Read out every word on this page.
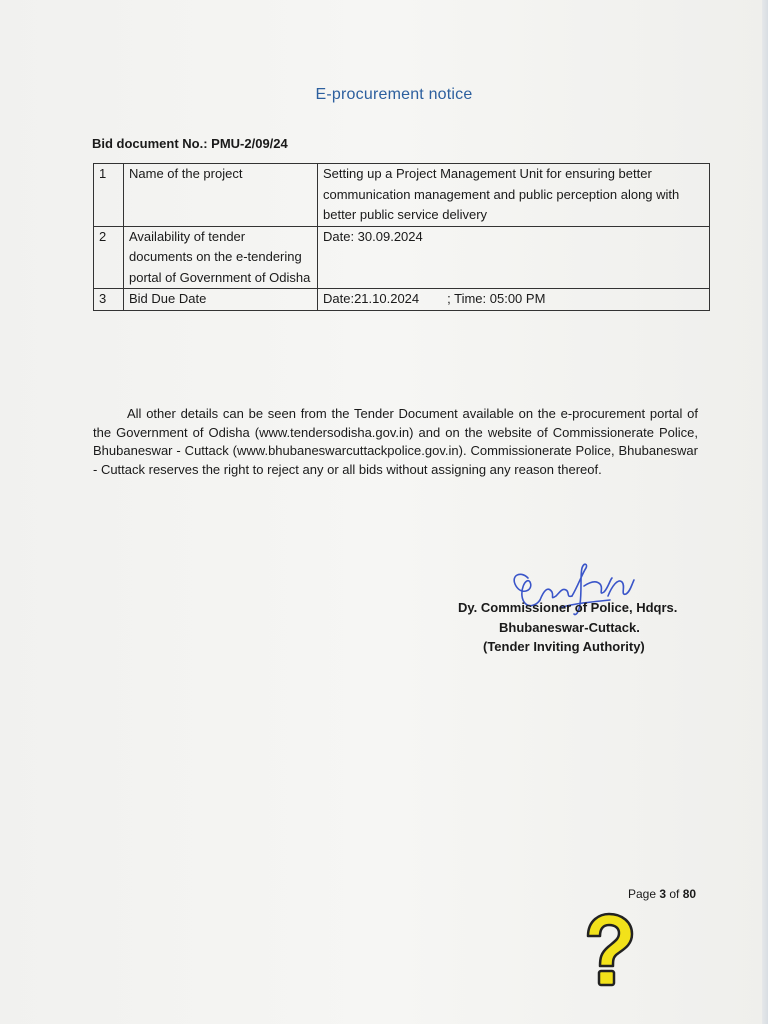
E-procurement notice
Bid document No.: PMU-2/09/24
1	Name of the project	Setting up a Project Management Unit for ensuring better communication management and public perception along with better public service delivery
2	Availability of tender documents on the e-tendering portal of Government of Odisha	Date: 30.09.2024
3	Bid Due Date	Date:21.10.2024 ; Time: 05:00 PM
All other details can be seen from the Tender Document available on the e-procurement portal of the Government of Odisha (www.tendersodisha.gov.in) and on the website of Commissionerate Police, Bhubaneswar - Cuttack (www.bhubaneswarcuttackpolice.gov.in). Commissionerate Police, Bhubaneswar - Cuttack reserves the right to reject any or all bids without assigning any reason thereof.
Dy. Commissioner of Police, Hdqrs.
Bhubaneswar-Cuttack.
(Tender Inviting Authority)
Page 3 of 80
